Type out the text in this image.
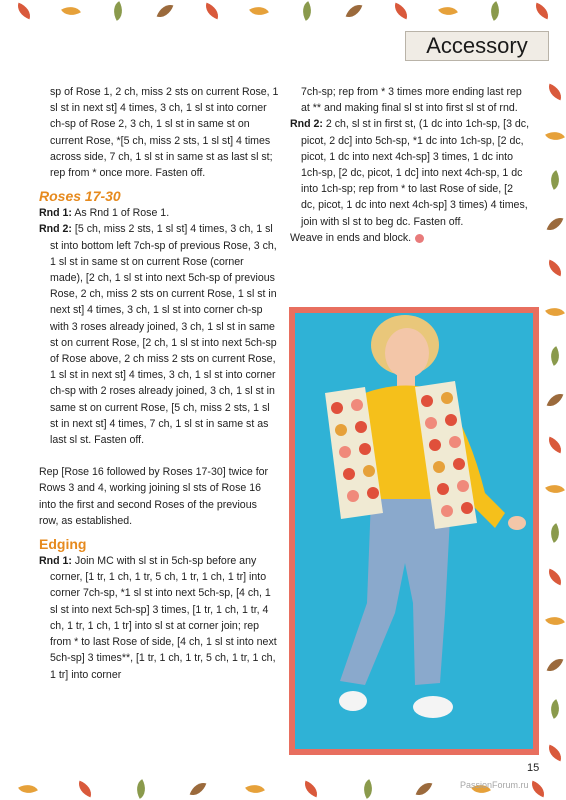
Accessory

sp of Rose 1, 2 ch, miss 2 sts on current Rose, 1 sl st in next st] 4 times, 3 ch, 1 sl st into corner ch-sp of Rose 2, 3 ch, 1 sl st in same st on current Rose, *[5 ch, miss 2 sts, 1 sl st] 4 times across side, 7 ch, 1 sl st in same st as last sl st; rep from * once more. Fasten off.

Roses 17-30

Rnd 1: As Rnd 1 of Rose 1.

Rnd 2: [5 ch, miss 2 sts, 1 sl st] 4 times, 3 ch, 1 sl st into bottom left 7ch-sp of previous Rose, 3 ch, 1 sl st in same st on current Rose (corner made), [2 ch, 1 sl st into next 5ch-sp of previous Rose, 2 ch, miss 2 sts on current Rose, 1 sl st in next st] 4 times, 3 ch, 1 sl st into corner ch-sp with 3 roses already joined, 3 ch, 1 sl st in same st on current Rose, [2 ch, 1 sl st into next 5ch-sp of Rose above, 2 ch miss 2 sts on current Rose, 1 sl st in next st] 4 times, 3 ch, 1 sl st into corner ch-sp with 2 roses already joined, 3 ch, 1 sl st in same st on current Rose, [5 ch, miss 2 sts, 1 sl st in next st] 4 times, 7 ch, 1 sl st in same st as last sl st. Fasten off.

Rep [Rose 16 followed by Roses 17-30] twice for Rows 3 and 4, working joining sl sts of Rose 16 into the first and second Roses of the previous row, as established.

Edging

Rnd 1: Join MC with sl st in 5ch-sp before any corner, [1 tr, 1 ch, 1 tr, 5 ch, 1 tr, 1 ch, 1 tr] into corner 7ch-sp, *1 sl st into next 5ch-sp, [4 ch, 1 sl st into next 5ch-sp] 3 times, [1 tr, 1 ch, 1 tr, 4 ch, 1 tr, 1 ch, 1 tr] into sl st at corner join; rep from * to last Rose of side, [4 ch, 1 sl st into next 5ch-sp] 3 times**, [1 tr, 1 ch, 1 tr, 5 ch, 1 tr, 1 ch, 1 tr] into corner

7ch-sp; rep from * 3 times more ending last rep at ** and making final sl st into first sl st of rnd.

Rnd 2: 2 ch, sl st in first st, (1 dc into 1ch-sp, [3 dc, picot, 2 dc] into 5ch-sp, *1 dc into 1ch-sp, [2 dc, picot, 1 dc into next 4ch-sp] 3 times, 1 dc into 1ch-sp, [2 dc, picot, 1 dc] into next 4ch-sp, 1 dc into 1ch-sp; rep from * to last Rose of side, [2 dc, picot, 1 dc into next 4ch-sp] 3 times) 4 times, join with sl st to beg dc. Fasten off.

Weave in ends and block.

15
PassionForum.ru
